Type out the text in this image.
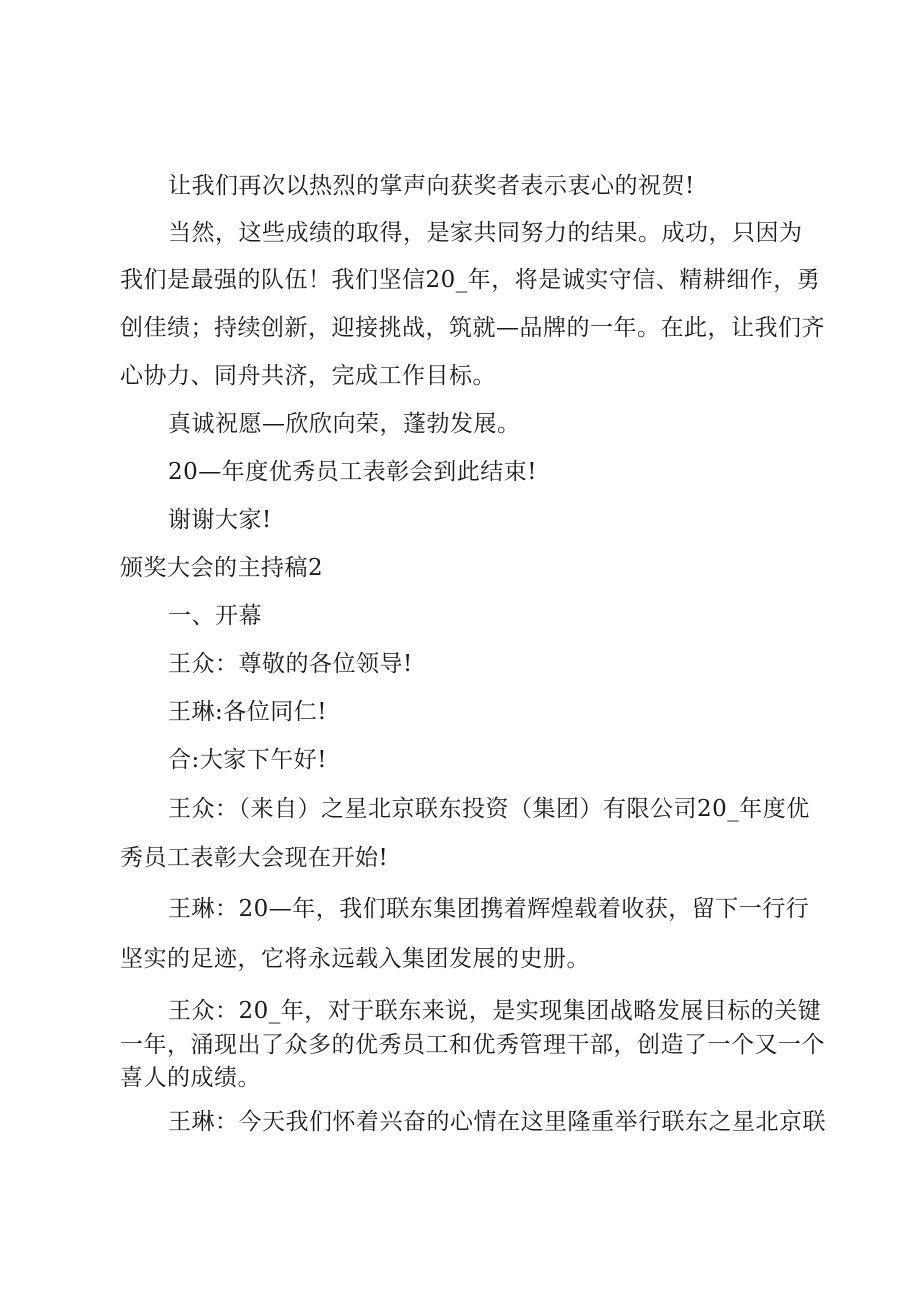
让我们再次以热烈的掌声向获奖者表示衷心的祝贺!
当然，这些成绩的取得，是家共同努力的结果。成功，只因为
我们是最强的队伍！我们坚信20_年，将是诚实守信、精耕细作，勇
创佳绩；持续创新，迎接挑战，筑就—品牌的一年。在此，让我们齐
心协力、同舟共济，完成工作目标。
真诚祝愿—欣欣向荣，蓬勃发展。
20—年度优秀员工表彰会到此结束!
谢谢大家!
颁奖大会的主持稿2
一、开幕
王众：尊敬的各位领导!
王琳:各位同仁!
合:大家下午好!
王众：（来自）之星北京联东投资（集团）有限公司20_年度优
秀员工表彰大会现在开始!
王琳：20—年，我们联东集团携着辉煌载着收获，留下一行行
坚实的足迹，它将永远载入集团发展的史册。
王众：20_年，对于联东来说，是实现集团战略发展目标的关键
一年，涌现出了众多的优秀员工和优秀管理干部，创造了一个又一个
喜人的成绩。
王琳：今天我们怀着兴奋的心情在这里隆重举行联东之星北京联
